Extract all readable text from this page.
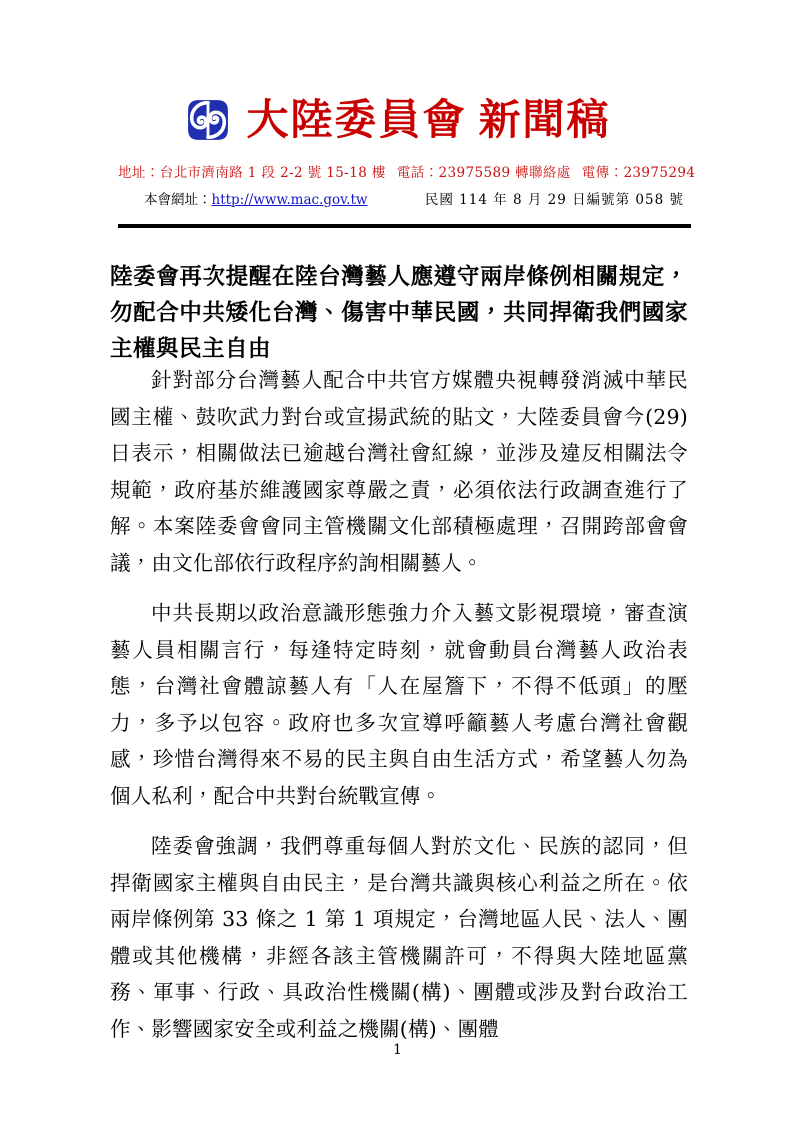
大陸委員會 新聞稿
地址：台北市濟南路 1 段 2-2 號 15-18 樓 電話：23975589 轉聯絡處 電傳：23975294
本會網址：http://www.mac.gov.tw	民國 114 年 8 月 29 日編號第 058 號
陸委會再次提醒在陸台灣藝人應遵守兩岸條例相關規定，勿配合中共矮化台灣、傷害中華民國，共同捍衛我們國家主權與民主自由

針對部分台灣藝人配合中共官方媒體央視轉發消滅中華民國主權、鼓吹武力對台或宣揚武統的貼文，大陸委員會今(29)日表示，相關做法已逾越台灣社會紅線，並涉及違反相關法令規範，政府基於維護國家尊嚴之責，必須依法行政調查進行了解。本案陸委會會同主管機關文化部積極處理，召開跨部會會議，由文化部依行政程序約詢相關藝人。

中共長期以政治意識形態強力介入藝文影視環境，審查演藝人員相關言行，每逢特定時刻，就會動員台灣藝人政治表態，台灣社會體諒藝人有「人在屋簷下，不得不低頭」的壓力，多予以包容。政府也多次宣導呼籲藝人考慮台灣社會觀感，珍惜台灣得來不易的民主與自由生活方式，希望藝人勿為個人私利，配合中共對台統戰宣傳。

陸委會強調，我們尊重每個人對於文化、民族的認同，但捍衛國家主權與自由民主，是台灣共識與核心利益之所在。依兩岸條例第 33 條之 1 第 1 項規定，台灣地區人民、法人、團體或其他機構，非經各該主管機關許可，不得與大陸地區黨務、軍事、行政、具政治性機關(構)、團體或涉及對台政治工作、影響國家安全或利益之機關(構)、團體

1
